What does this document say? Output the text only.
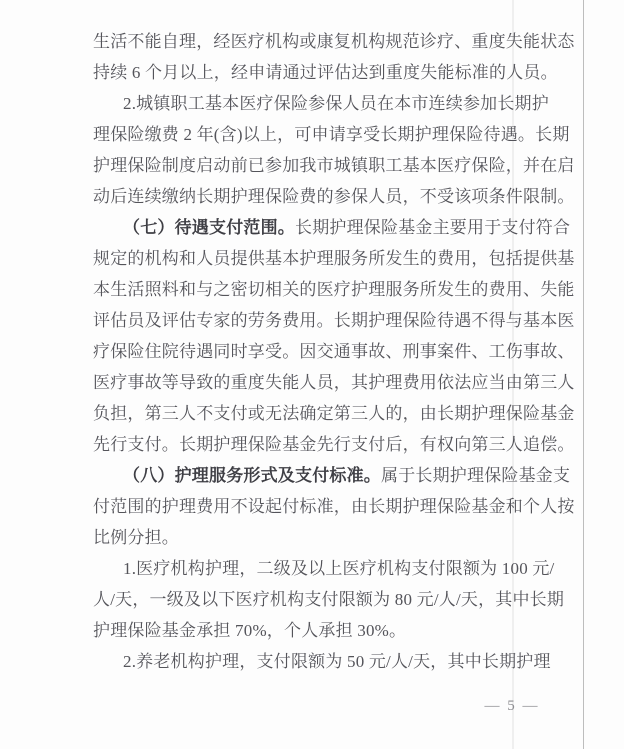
生活不能自理，经医疗机构或康复机构规范诊疗、重度失能状态
持续 6 个月以上，经申请通过评估达到重度失能标准的人员。
2.城镇职工基本医疗保险参保人员在本市连续参加长期护
理保险缴费 2 年(含)以上，可申请享受长期护理保险待遇。长期
护理保险制度启动前已参加我市城镇职工基本医疗保险，并在启
动后连续缴纳长期护理保险费的参保人员，不受该项条件限制。
（七）待遇支付范围。长期护理保险基金主要用于支付符合
规定的机构和人员提供基本护理服务所发生的费用，包括提供基
本生活照料和与之密切相关的医疗护理服务所发生的费用、失能
评估员及评估专家的劳务费用。长期护理保险待遇不得与基本医
疗保险住院待遇同时享受。因交通事故、刑事案件、工伤事故、
医疗事故等导致的重度失能人员，其护理费用依法应当由第三人
负担，第三人不支付或无法确定第三人的，由长期护理保险基金
先行支付。长期护理保险基金先行支付后，有权向第三人追偿。
（八）护理服务形式及支付标准。属于长期护理保险基金支
付范围的护理费用不设起付标准，由长期护理保险基金和个人按
比例分担。
1.医疗机构护理，二级及以上医疗机构支付限额为 100 元/
人/天，一级及以下医疗机构支付限额为 80 元/人/天，其中长期
护理保险基金承担 70%，个人承担 30%。
2.养老机构护理，支付限额为 50 元/人/天，其中长期护理
— 5 —
